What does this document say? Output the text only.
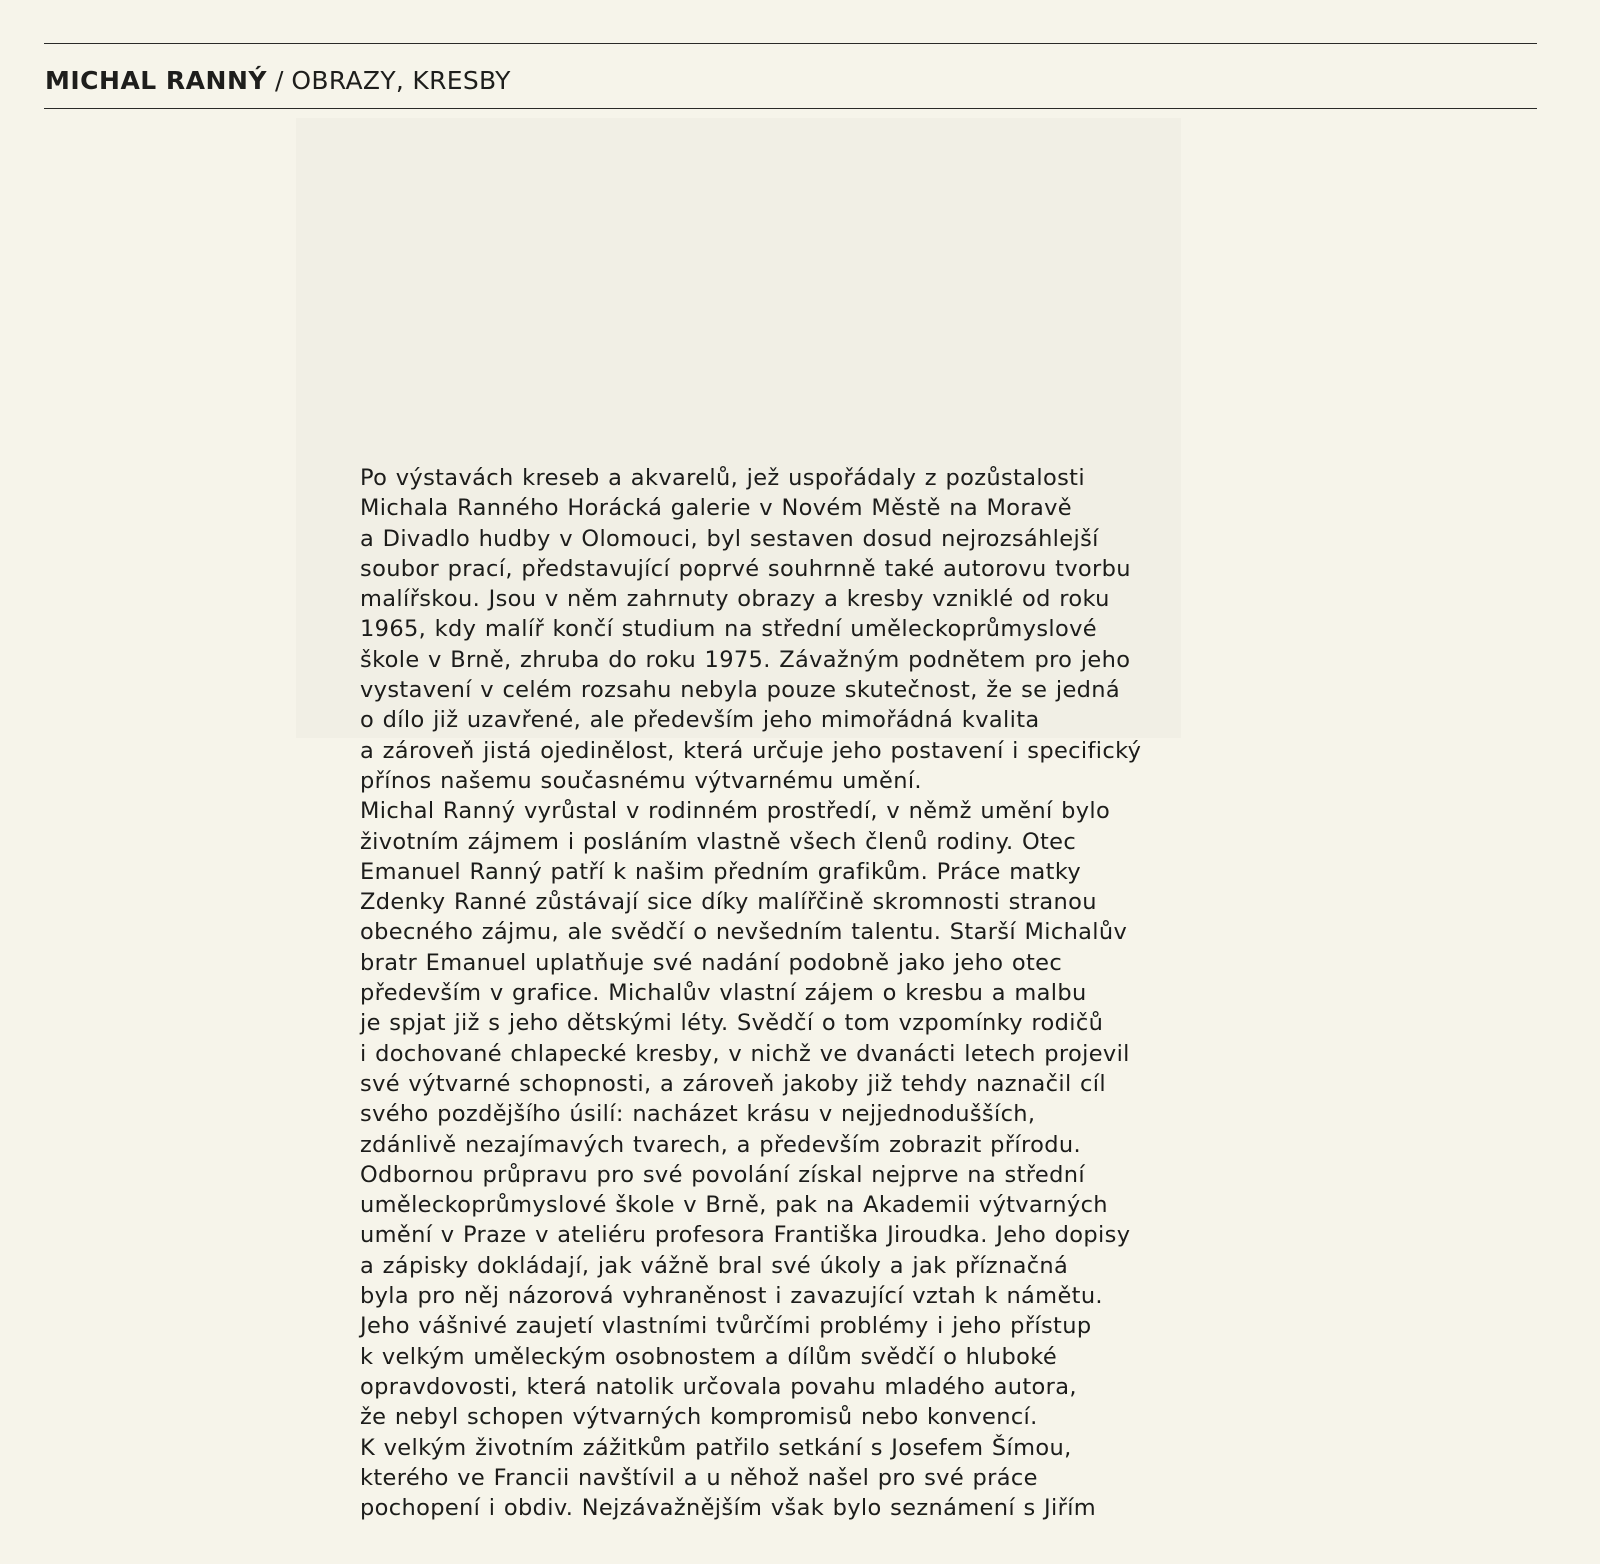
MICHAL RANNÝ / OBRAZY, KRESBY
Po výstavách kreseb a akvarelů, jež uspořádaly z pozůstalosti
Michala Ranného Horácká galerie v Novém Městě na Moravě
a Divadlo hudby v Olomouci, byl sestaven dosud nejrozsáhlejší
soubor prací, představující poprvé souhrnně také autorovu tvorbu
malířskou. Jsou v něm zahrnuty obrazy a kresby vzniklé od roku
1965, kdy malíř končí studium na střední uměleckoprůmyslové
škole v Brně, zhruba do roku 1975. Závažným podnětem pro jeho
vystavení v celém rozsahu nebyla pouze skutečnost, že se jedná
o dílo již uzavřené, ale především jeho mimořádná kvalita
a zároveň jistá ojedinělost, která určuje jeho postavení i specifický
přínos našemu současnému výtvarnému umění.
Michal Ranný vyrůstal v rodinném prostředí, v němž umění bylo
životním zájmem i posláním vlastně všech členů rodiny. Otec
Emanuel Ranný patří k našim předním grafikům. Práce matky
Zdenky Ranné zůstávají sice díky malířčině skromnosti stranou
obecného zájmu, ale svědčí o nevšedním talentu. Starší Michalův
bratr Emanuel uplatňuje své nadání podobně jako jeho otec
především v grafice. Michalův vlastní zájem o kresbu a malbu
je spjat již s jeho dětskými léty. Svědčí o tom vzpomínky rodičů
i dochované chlapecké kresby, v nichž ve dvanácti letech projevil
své výtvarné schopnosti, a zároveň jakoby již tehdy naznačil cíl
svého pozdějšího úsilí: nacházet krásu v nejjednodušších,
zdánlivě nezajímavých tvarech, a především zobrazit přírodu.
Odbornou průpravu pro své povolání získal nejprve na střední
uměleckoprůmyslové škole v Brně, pak na Akademii výtvarných
umění v Praze v ateliéru profesora Františka Jiroudka. Jeho dopisy
a zápisky dokládají, jak vážně bral své úkoly a jak příznačná
byla pro něj názorová vyhraněnost i zavazující vztah k námětu.
Jeho vášnivé zaujetí vlastními tvůrčími problémy i jeho přístup
k velkým uměleckým osobnostem a dílům svědčí o hluboké
opravdovosti, která natolik určovala povahu mladého autora,
že nebyl schopen výtvarných kompromisů nebo konvencí.
K velkým životním zážitkům patřilo setkání s Josefem Šímou,
kterého ve Francii navštívil a u něhož našel pro své práce
pochopení i obdiv. Nejzávažnějším však bylo seznámení s Jiřím
